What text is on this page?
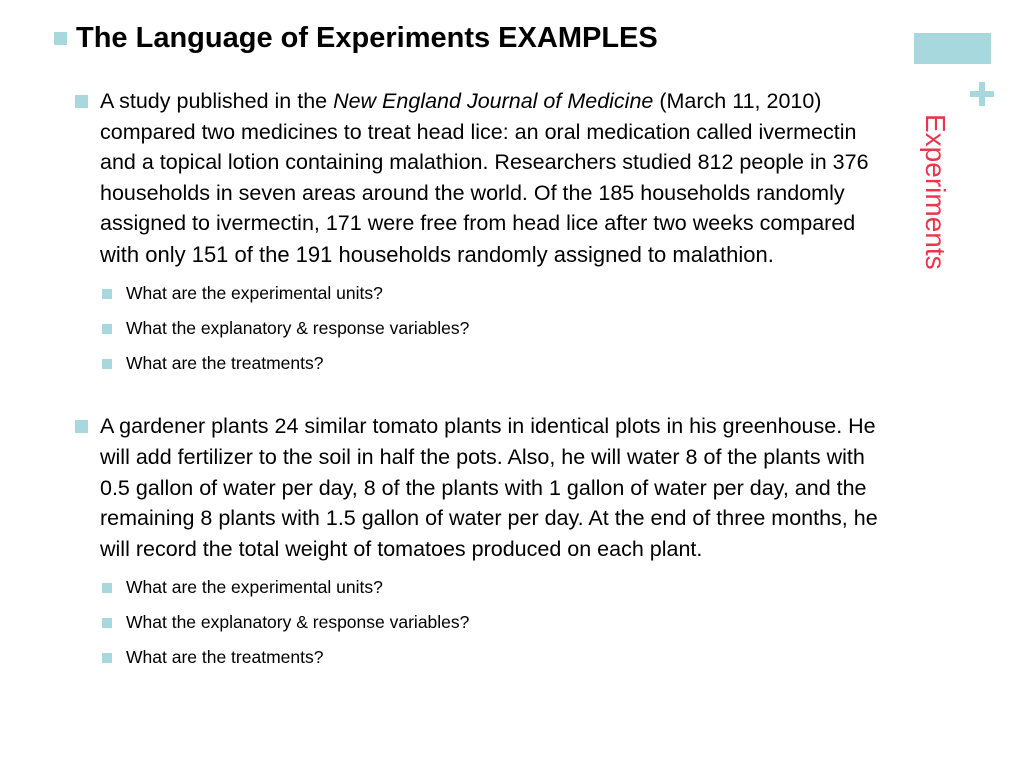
Experiments
The Language of Experiments EXAMPLES

A study published in the New England Journal of Medicine (March 11, 2010) compared two medicines to treat head lice: an oral medication called ivermectin and a topical lotion containing malathion. Researchers studied 812 people in 376 households in seven areas around the world. Of the 185 households randomly assigned to ivermectin, 171 were free from head lice after two weeks compared
with only 151 of the 191 households randomly assigned to malathion.

What are the experimental units?
What the explanatory & response variables?
What are the treatments?

A gardener plants 24 similar tomato plants in identical plots in his greenhouse. He will add fertilizer to the soil in half the pots. Also, he will water 8 of the plants with 0.5 gallon of water per day, 8 of the plants with 1 gallon of water per day, and the remaining 8 plants with 1.5 gallon of water per day. At the end of three months, he will record the total weight of tomatoes produced on each plant.

What are the experimental units?
What the explanatory & response variables?
What are the treatments?
